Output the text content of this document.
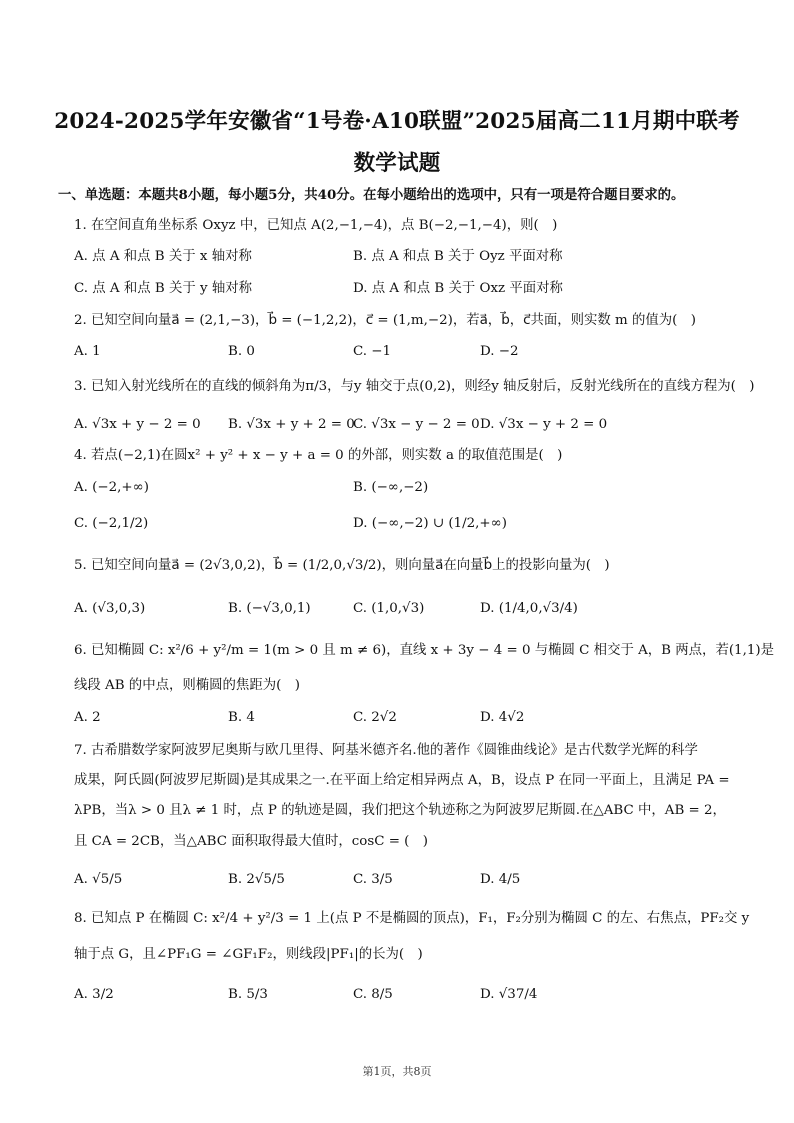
2024-2025学年安徽省“1号卷·A10联盟”2025届高二11月期中联考
数学试题
一、单选题：本题共8小题，每小题5分，共40分。在每小题给出的选项中，只有一项是符合题目要求的。
1. 在空间直角坐标系 Oxyz 中，已知点 A(2,−1,−4)，点 B(−2,−1,−4)，则(　)
A. 点 A 和点 B 关于 x 轴对称	B. 点 A 和点 B 关于 Oyz 平面对称
C. 点 A 和点 B 关于 y 轴对称	D. 点 A 和点 B 关于 Oxz 平面对称
2. 已知空间向量a⃗ = (2,1,−3)，b⃗ = (−1,2,2)，c⃗ = (1,m,−2)，若a⃗，b⃗，c⃗共面，则实数 m 的值为(　)
A. 1	B. 0	C. −1	D. −2
3. 已知入射光线所在的直线的倾斜角为π/3，与y 轴交于点(0,2)，则经y 轴反射后，反射光线所在的直线方程为(　)
A. √3x + y − 2 = 0 B. √3x + y + 2 = 0
C. √3x − y − 2 = 0 D. √3x − y + 2 = 0
4. 若点(−2,1)在圆x² + y² + x − y + a = 0 的外部，则实数 a 的取值范围是(　)
A. (−2,+∞)	B. (−∞,−2)
C. (−2,1/2)	D. (−∞,−2) ∪ (1/2,+∞)
5. 已知空间向量a⃗ = (2√3,0,2)，b⃗ = (1/2,0,√3/2)，则向量a⃗在向量b⃗上的投影向量为(　)
A. (√3,0,3)	B. (−√3,0,1)	C. (1,0,√3)	D. (1/4,0,√3/4)
6. 已知椭圆 C: x²/6 + y²/m = 1(m > 0 且 m ≠ 6)，直线 x + 3y − 4 = 0 与椭圆 C 相交于 A，B 两点，若(1,1)是
线段 AB 的中点，则椭圆的焦距为(　)
A. 2	B. 4	C. 2√2	D. 4√2
7. 古希腊数学家阿波罗尼奥斯与欧几里得、阿基米德齐名.他的著作《圆锥曲线论》是古代数学光辉的科学
成果，阿氏圆(阿波罗尼斯圆)是其成果之一.在平面上给定相异两点 A，B，设点 P 在同一平面上，且满足 PA =
λPB，当λ > 0 且λ ≠ 1 时，点 P 的轨迹是圆，我们把这个轨迹称之为阿波罗尼斯圆.在△ABC 中，AB = 2，
且 CA = 2CB，当△ABC 面积取得最大值时，cosC = (　)
A. √5/5	B. 2√5/5	C. 3/5	D. 4/5
8. 已知点 P 在椭圆 C: x²/4 + y²/3 = 1 上(点 P 不是椭圆的顶点)，F₁，F₂分别为椭圆 C 的左、右焦点，PF₂交 y
轴于点 G，且∠PF₁G = ∠GF₁F₂，则线段|PF₁|的长为(　)
A. 3/2	B. 5/3	C. 8/5	D. √37/4
第1页，共8页
